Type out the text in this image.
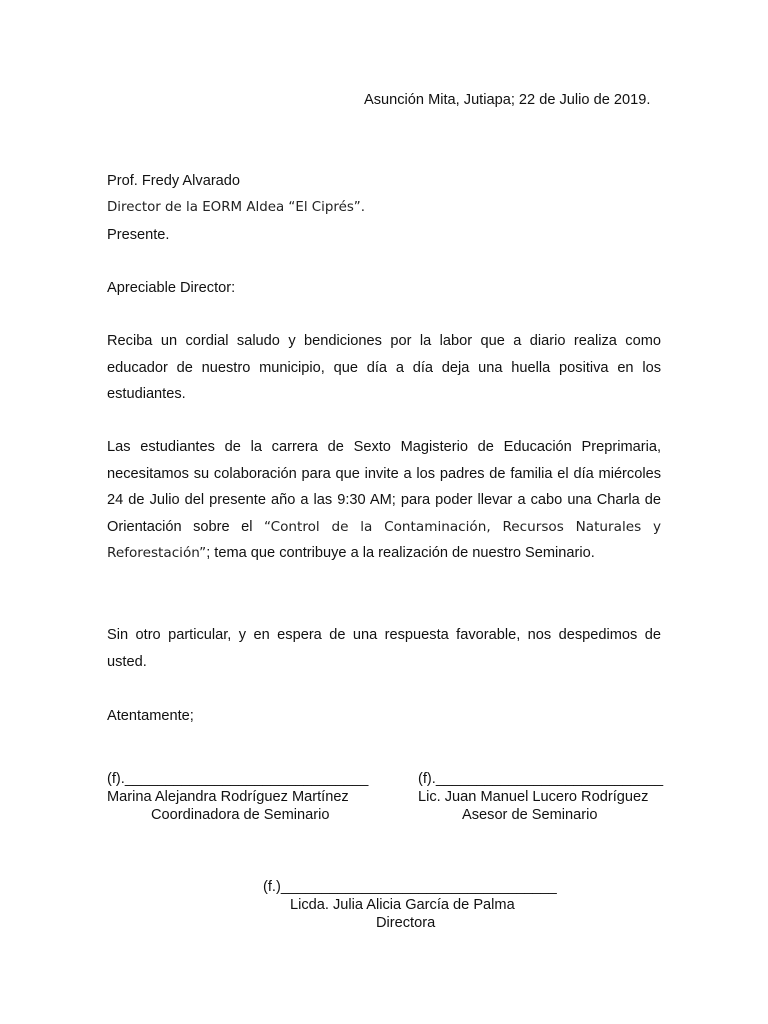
Asunción Mita, Jutiapa; 22 de Julio de 2019.
Prof. Fredy Alvarado
Director de la EORM Aldea “El Ciprés”.
Presente.
Apreciable Director:
Reciba un cordial saludo y bendiciones por la labor que a diario realiza como educador de nuestro municipio, que día a día deja una huella positiva en los estudiantes.
Las estudiantes de la carrera de Sexto Magisterio de Educación Preprimaria, necesitamos su colaboración para que invite a los padres de familia el día miércoles 24 de Julio del presente año a las 9:30 AM; para poder llevar a cabo una Charla de Orientación sobre el “Control de la Contaminación, Recursos Naturales y Reforestación”; tema que contribuye a la realización de nuestro Seminario.
Sin otro particular, y en espera de una respuesta favorable, nos despedimos de usted.
Atentamente;
(f).______________________________
Marina Alejandra Rodríguez Martínez
Coordinadora de Seminario
(f).____________________________
Lic. Juan Manuel Lucero Rodríguez
Asesor de Seminario
(f.)__________________________________
Licda. Julia Alicia García de Palma
Directora
